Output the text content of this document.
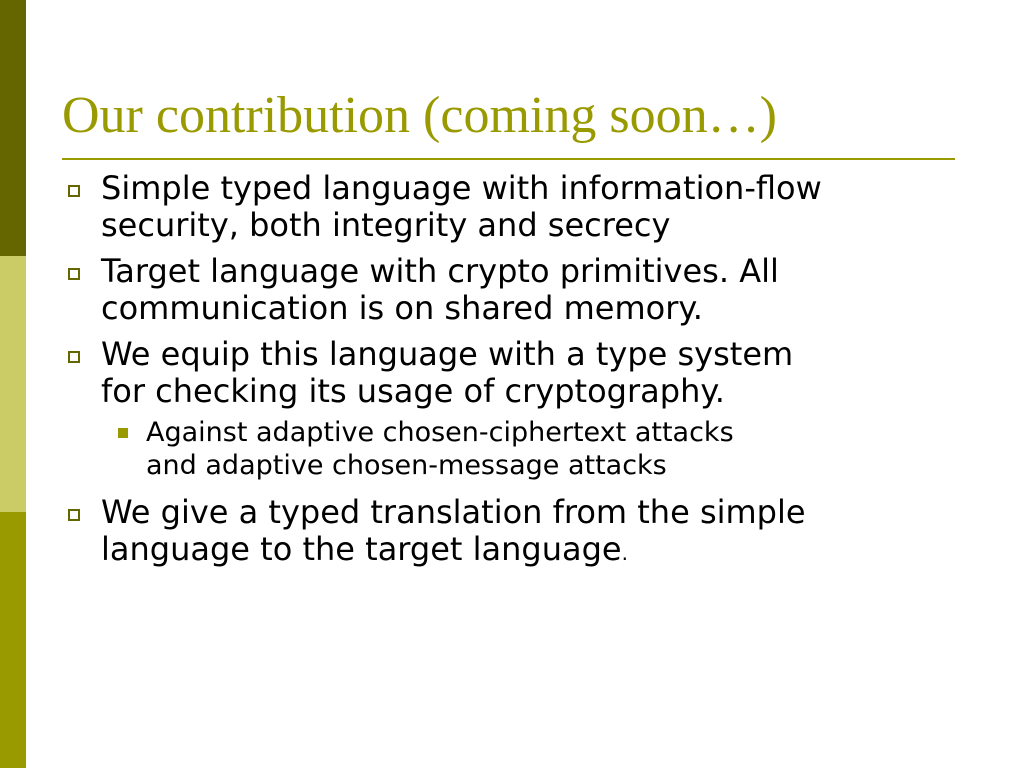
Our contribution (coming soon…)
Simple typed language with information-flow
security, both integrity and secrecy
Target language with crypto primitives. All
communication is on shared memory.
We equip this language with a type system
for checking its usage of cryptography.
Against adaptive chosen-ciphertext attacks
and adaptive chosen-message attacks
We give a typed translation from the simple
language to the target language.
